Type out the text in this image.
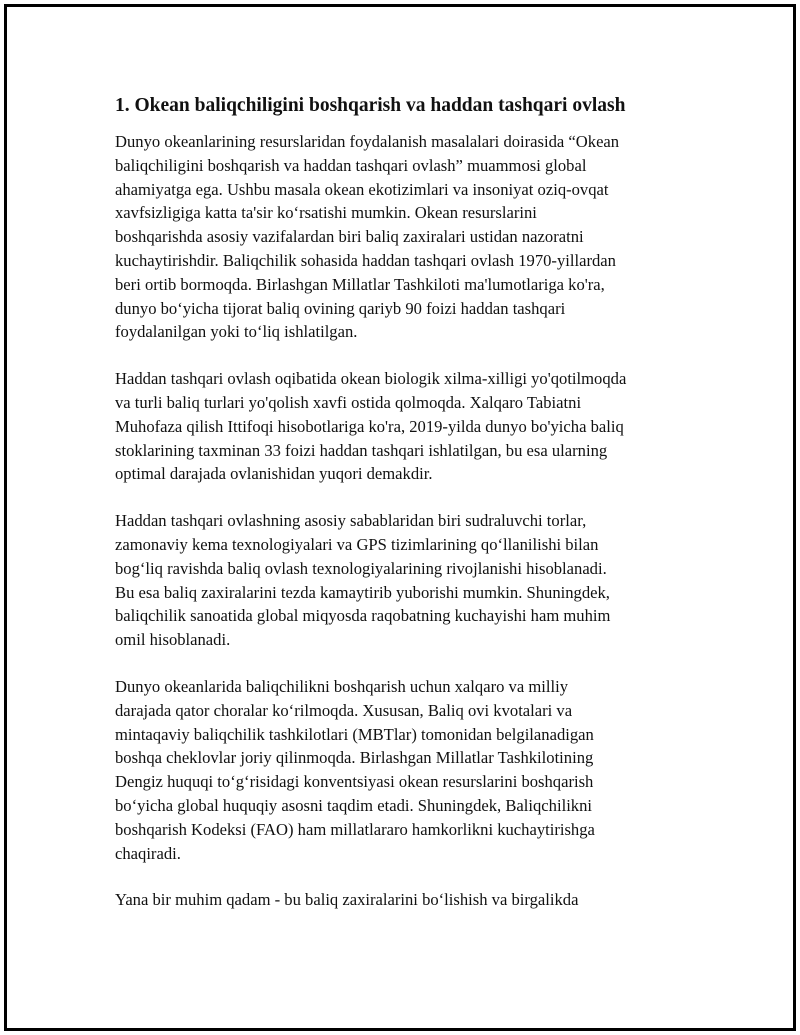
1. Okean baliqchiligini boshqarish va haddan tashqari ovlash

Dunyo okeanlarining resurslaridan foydalanish masalalari doirasida “Okean
baliqchiligini boshqarish va haddan tashqari ovlash” muammosi global
ahamiyatga ega. Ushbu masala okean ekotizimlari va insoniyat oziq-ovqat
xavfsizligiga katta ta'sir ko‘rsatishi mumkin. Okean resurslarini
boshqarishda asosiy vazifalardan biri baliq zaxiralari ustidan nazoratni
kuchaytirishdir. Baliqchilik sohasida haddan tashqari ovlash 1970-yillardan
beri ortib bormoqda. Birlashgan Millatlar Tashkiloti ma'lumotlariga ko'ra,
dunyo bo‘yicha tijorat baliq ovining qariyb 90 foizi haddan tashqari
foydalanilgan yoki to‘liq ishlatilgan.

Haddan tashqari ovlash oqibatida okean biologik xilma-xilligi yo'qotilmoqda
va turli baliq turlari yo'qolish xavfi ostida qolmoqda. Xalqaro Tabiatni
Muhofaza qilish Ittifoqi hisobotlariga ko'ra, 2019-yilda dunyo bo'yicha baliq
stoklarining taxminan 33 foizi haddan tashqari ishlatilgan, bu esa ularning
optimal darajada ovlanishidan yuqori demakdir.

Haddan tashqari ovlashning asosiy sabablaridan biri sudraluvchi torlar,
zamonaviy kema texnologiyalari va GPS tizimlarining qo‘llanilishi bilan
bog‘liq ravishda baliq ovlash texnologiyalarining rivojlanishi hisoblanadi.
Bu esa baliq zaxiralarini tezda kamaytirib yuborishi mumkin. Shuningdek,
baliqchilik sanoatida global miqyosda raqobatning kuchayishi ham muhim
omil hisoblanadi.

Dunyo okeanlarida baliqchilikni boshqarish uchun xalqaro va milliy
darajada qator choralar ko‘rilmoqda. Xususan, Baliq ovi kvotalari va
mintaqaviy baliqchilik tashkilotlari (MBTlar) tomonidan belgilanadigan
boshqa cheklovlar joriy qilinmoqda. Birlashgan Millatlar Tashkilotining
Dengiz huquqi to‘g‘risidagi konventsiyasi okean resurslarini boshqarish
bo‘yicha global huquqiy asosni taqdim etadi. Shuningdek, Baliqchilikni
boshqarish Kodeksi (FAO) ham millatlararo hamkorlikni kuchaytirishga
chaqiradi.

Yana bir muhim qadam - bu baliq zaxiralarini bo‘lishish va birgalikda
